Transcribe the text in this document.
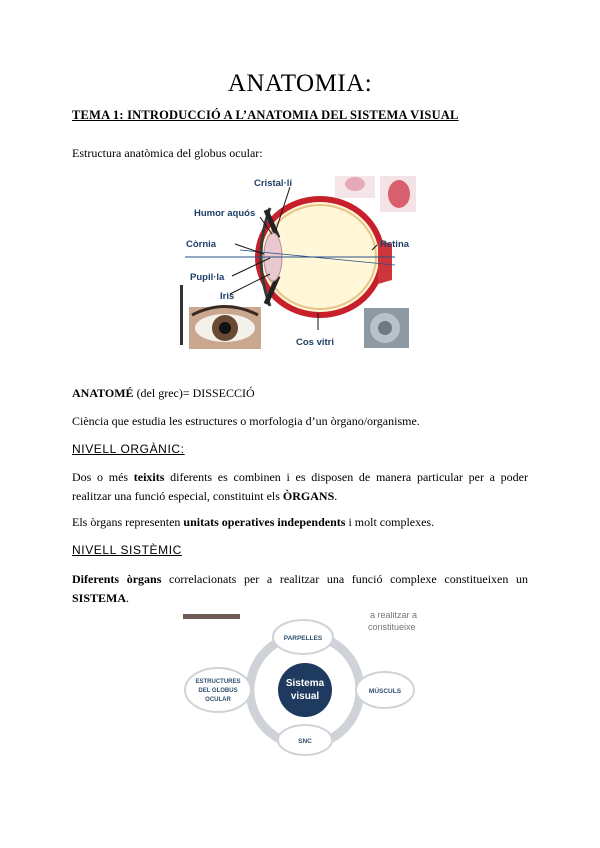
ANATOMIA:
TEMA 1: INTRODUCCIÓ A L’ANATOMIA DEL SISTEMA VISUAL
Estructura anatòmica del globus ocular:
Cristal·lí
Humor aquós
Còrnia	Retina
Pupil·la
Iris
Cos vitri
ANATOMÉ (del grec)= DISSECCIÓ
Ciència que estudia les estructures o morfologia d’un òrgano/organisme.
NIVELL ORGÀNIC:
Dos o més teixits diferents es combinen i es disposen de manera particular per a poder realitzar una funció especial, constituint els ÒRGANS.
Els òrgans representen unitats operatives independents i molt complexes.
NIVELL SISTÈMIC
Diferents òrgans correlacionats per a realitzar una funció complexe constitueixen un SISTEMA.
a realitzar a
constitueixe
Sistema
visual
PARPELLES
MÚSCULS
SNC
ESTRUCTURES
DEL GLOBUS
OCULAR
